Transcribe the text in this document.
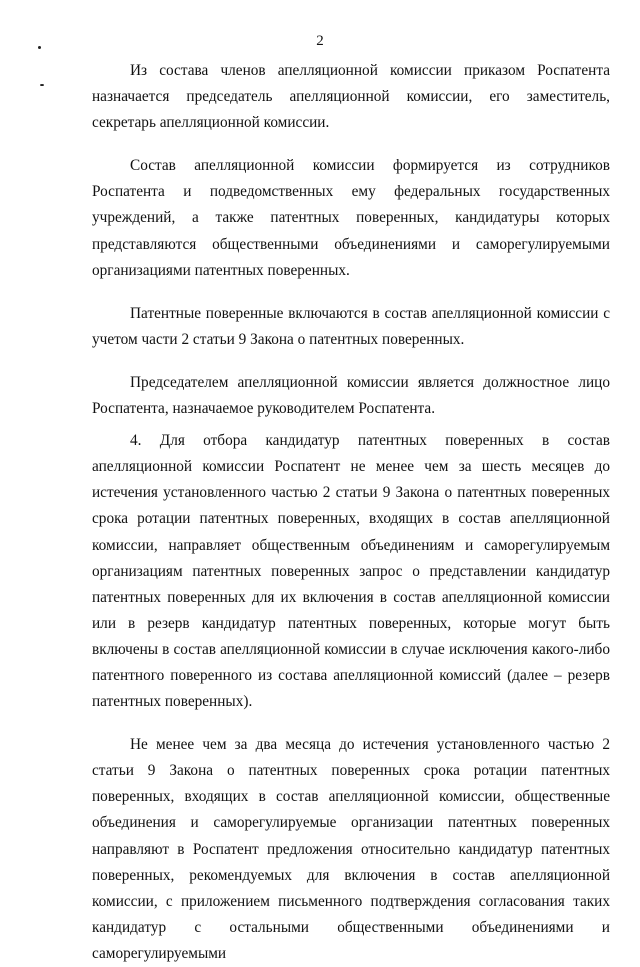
2

Из состава членов апелляционной комиссии приказом Роспатента назначается председатель апелляционной комиссии, его заместитель, секретарь апелляционной комиссии.

Состав апелляционной комиссии формируется из сотрудников Роспатента и подведомственных ему федеральных государственных учреждений, а также патентных поверенных, кандидатуры которых представляются общественными объединениями и саморегулируемыми организациями патентных поверенных.

Патентные поверенные включаются в состав апелляционной комиссии с учетом части 2 статьи 9 Закона о патентных поверенных.

Председателем апелляционной комиссии является должностное лицо Роспатента, назначаемое руководителем Роспатента.

4. Для отбора кандидатур патентных поверенных в состав апелляционной комиссии Роспатент не менее чем за шесть месяцев до истечения установленного частью 2 статьи 9 Закона о патентных поверенных срока ротации патентных поверенных, входящих в состав апелляционной комиссии, направляет общественным объединениям и саморегулируемым организациям патентных поверенных запрос о представлении кандидатур патентных поверенных для их включения в состав апелляционной комиссии или в резерв кандидатур патентных поверенных, которые могут быть включены в состав апелляционной комиссии в случае исключения какого-либо патентного поверенного из состава апелляционной комиссий (далее – резерв патентных поверенных).

Не менее чем за два месяца до истечения установленного частью 2 статьи 9 Закона о патентных поверенных срока ротации патентных поверенных, входящих в состав апелляционной комиссии, общественные объединения и саморегулируемые организации патентных поверенных направляют в Роспатент предложения относительно кандидатур патентных поверенных, рекомендуемых для включения в состав апелляционной комиссии, с приложением письменного подтверждения согласования таких кандидатур с остальными общественными объединениями и саморегулируемыми
